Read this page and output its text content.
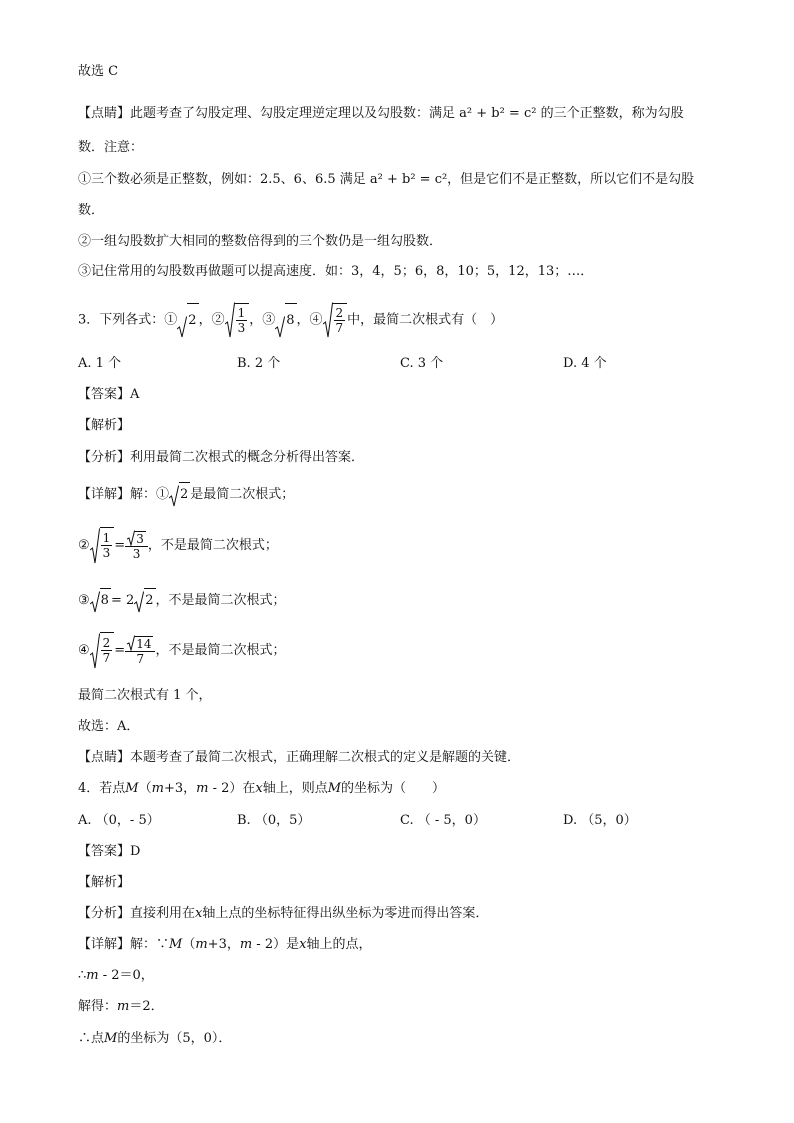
故选 C
【点睛】此题考查了勾股定理、勾股定理逆定理以及勾股数：满足 a² + b² = c² 的三个正整数，称为勾股
数．注意：
①三个数必须是正整数，例如：2.5、6、6.5 满足 a² + b² = c²，但是它们不是正整数，所以它们不是勾股
数．
②一组勾股数扩大相同的整数倍得到的三个数仍是一组勾股数．
③记住常用的勾股数再做题可以提高速度．如：3，4，5；6，8，10；5，12，13；…．
3．下列各式：① 2 ，② $\frac{1}{3}$ ，③ 8 ，④ $\frac{2}{7}$ 中，最简二次根式有（　）
A. 1 个	B. 2 个	C. 3 个	D. 4 个
【答案】A
【解析】
【分析】利用最简二次根式的概念分析得出答案．
【详解】解：① 2 是最简二次根式；
② $\frac{1}{3} = \frac{3}{3}$ ，不是最简二次根式；
③ 8 = 2 2 ，不是最简二次根式；
④ $\frac{2}{7} = \frac{14}{7}$ ，不是最简二次根式；
最简二次根式有 1 个，
故选：A．
【点睛】本题考查了最简二次根式，正确理解二次根式的定义是解题的关键．
4．若点M（m+3，m - 2）在x轴上，则点M的坐标为（　　）
A. （0，- 5）	B. （0，5）	C. （ - 5，0）	D. （5，0）
【答案】D
【解析】
【分析】直接利用在x轴上点的坐标特征得出纵坐标为零进而得出答案．
【详解】解：∵M（m+3，m - 2）是x轴上的点，
∴m - 2＝0，
解得：m＝2．
∴点M的坐标为（5，0）．
